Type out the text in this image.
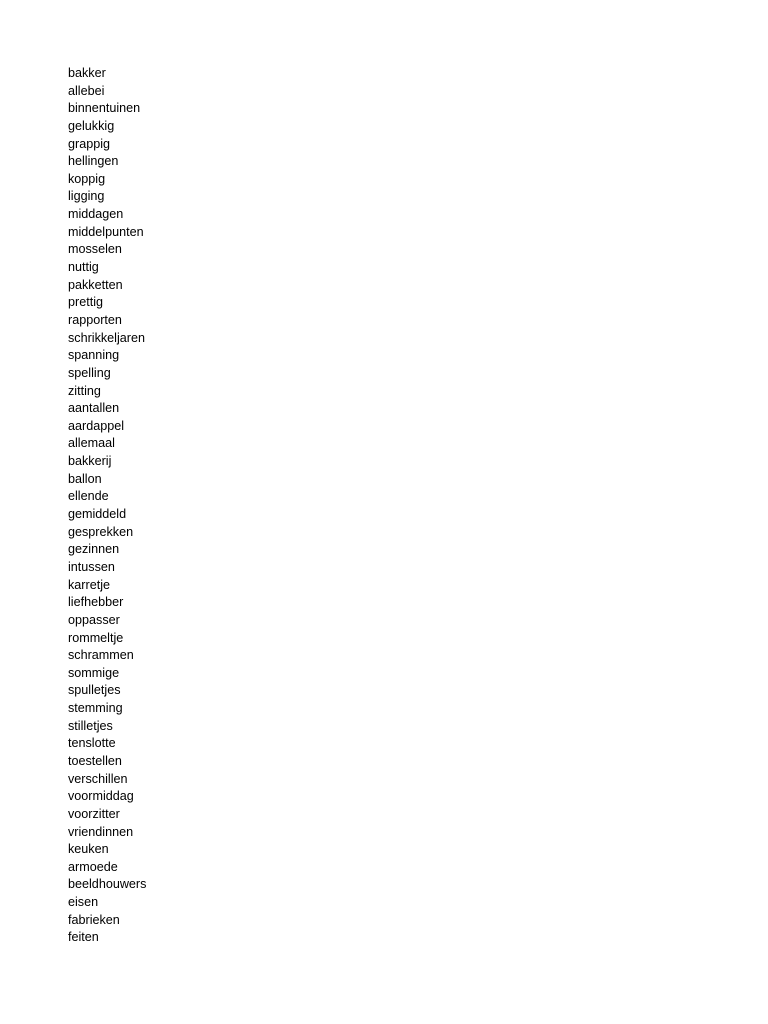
bakker
allebei
binnentuinen
gelukkig
grappig
hellingen
koppig
ligging
middagen
middelpunten
mosselen
nuttig
pakketten
prettig
rapporten
schrikkeljaren
spanning
spelling
zitting
aantallen
aardappel
allemaal
bakkerij
ballon
ellende
gemiddeld
gesprekken
gezinnen
intussen
karretje
liefhebber
oppasser
rommeltje
schrammen
sommige
spulletjes
stemming
stilletjes
tenslotte
toestellen
verschillen
voormiddag
voorzitter
vriendinnen
keuken
armoede
beeldhouwers
eisen
fabrieken
feiten
